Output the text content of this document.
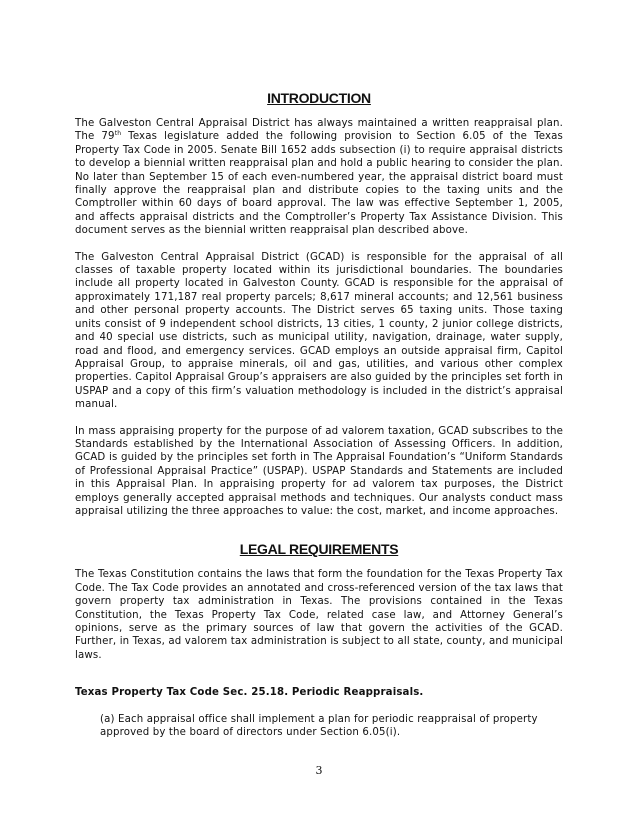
INTRODUCTION

The Galveston Central Appraisal District has always maintained a written reappraisal plan. The 79th Texas legislature added the following provision to Section 6.05 of the Texas Property Tax Code in 2005. Senate Bill 1652 adds subsection (i) to require appraisal districts to develop a biennial written reappraisal plan and hold a public hearing to consider the plan. No later than September 15 of each even-numbered year, the appraisal district board must finally approve the reappraisal plan and distribute copies to the taxing units and the Comptroller within 60 days of board approval. The law was effective September 1, 2005, and affects appraisal districts and the Comptroller’s Property Tax Assistance Division. This document serves as the biennial written reappraisal plan described above.

The Galveston Central Appraisal District (GCAD) is responsible for the appraisal of all classes of taxable property located within its jurisdictional boundaries. The boundaries include all property located in Galveston County. GCAD is responsible for the appraisal of approximately 171,187 real property parcels; 8,617 mineral accounts; and 12,561 business and other personal property accounts. The District serves 65 taxing units. Those taxing units consist of 9 independent school districts, 13 cities, 1 county, 2 junior college districts, and 40 special use districts, such as municipal utility, navigation, drainage, water supply, road and flood, and emergency services. GCAD employs an outside appraisal firm, Capitol Appraisal Group, to appraise minerals, oil and gas, utilities, and various other complex properties. Capitol Appraisal Group’s appraisers are also guided by the principles set forth in USPAP and a copy of this firm’s valuation methodology is included in the district’s appraisal manual.

In mass appraising property for the purpose of ad valorem taxation, GCAD subscribes to the Standards established by the International Association of Assessing Officers. In addition, GCAD is guided by the principles set forth in The Appraisal Foundation’s “Uniform Standards of Professional Appraisal Practice” (USPAP). USPAP Standards and Statements are included in this Appraisal Plan. In appraising property for ad valorem tax purposes, the District employs generally accepted appraisal methods and techniques. Our analysts conduct mass appraisal utilizing the three approaches to value: the cost, market, and income approaches.

LEGAL REQUIREMENTS

The Texas Constitution contains the laws that form the foundation for the Texas Property Tax Code. The Tax Code provides an annotated and cross-referenced version of the tax laws that govern property tax administration in Texas. The provisions contained in the Texas Constitution, the Texas Property Tax Code, related case law, and Attorney General’s opinions, serve as the primary sources of law that govern the activities of the GCAD. Further, in Texas, ad valorem tax administration is subject to all state, county, and municipal laws.

Texas Property Tax Code Sec. 25.18. Periodic Reappraisals.

(a) Each appraisal office shall implement a plan for periodic reappraisal of property approved by the board of directors under Section 6.05(i).

3
